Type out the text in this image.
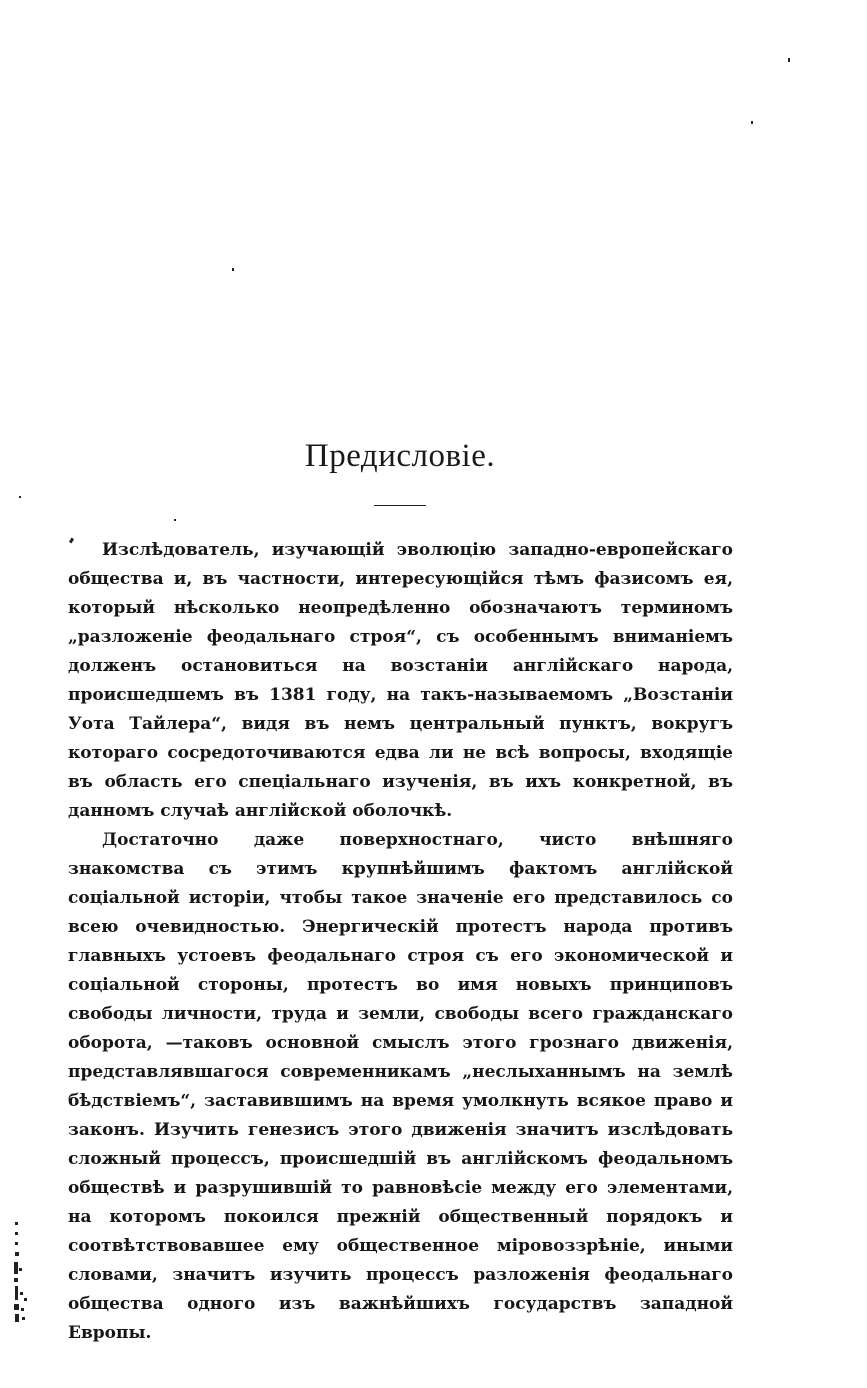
Предисловіе.

Изслѣдователь, изучающій эволюцію западно-европейскаго общества и, въ частности, интересующійся тѣмъ фазисомъ ея, который нѣсколько неопредѣленно обозначаютъ терминомъ „разложеніе феодальнаго строя“, съ особеннымъ вниманіемъ долженъ остановиться на возстаніи англійскаго народа, происшедшемъ въ 1381 году, на такъ-называемомъ „Возстаніи Уота Тайлера“, видя въ немъ центральный пунктъ, вокругъ котораго сосредоточиваются едва ли не всѣ вопросы, входящіе въ область его спеціальнаго изученія, въ ихъ конкретной, въ данномъ случаѣ англійской оболочкѣ.

Достаточно даже поверхностнаго, чисто внѣшняго знакомства съ этимъ крупнѣйшимъ фактомъ англійской соціальной исторіи, чтобы такое значеніе его представилось со всею очевидностью. Энергическій протестъ народа противъ главныхъ устоевъ феодальнаго строя съ его экономической и соціальной стороны, протестъ во имя новыхъ принциповъ свободы личности, труда и земли, свободы всего гражданскаго оборота, —таковъ основной смыслъ этого грознаго движенія, представлявшагося современникамъ „неслыханнымъ на землѣ бѣдствіемъ“, заставившимъ на время умолкнуть всякое право и законъ. Изучить генезисъ этого движенія значитъ изслѣдовать сложный процессъ, происшедшій въ англійскомъ феодальномъ обществѣ и разрушившій то равновѣсіе между его элементами, на которомъ покоился прежній общественный порядокъ и соотвѣтствовавшее ему общественное міровоззрѣніе, иными словами, значитъ изучить процессъ разложенія феодальнаго общества одного изъ важнѣйшихъ государствъ западной Европы.
